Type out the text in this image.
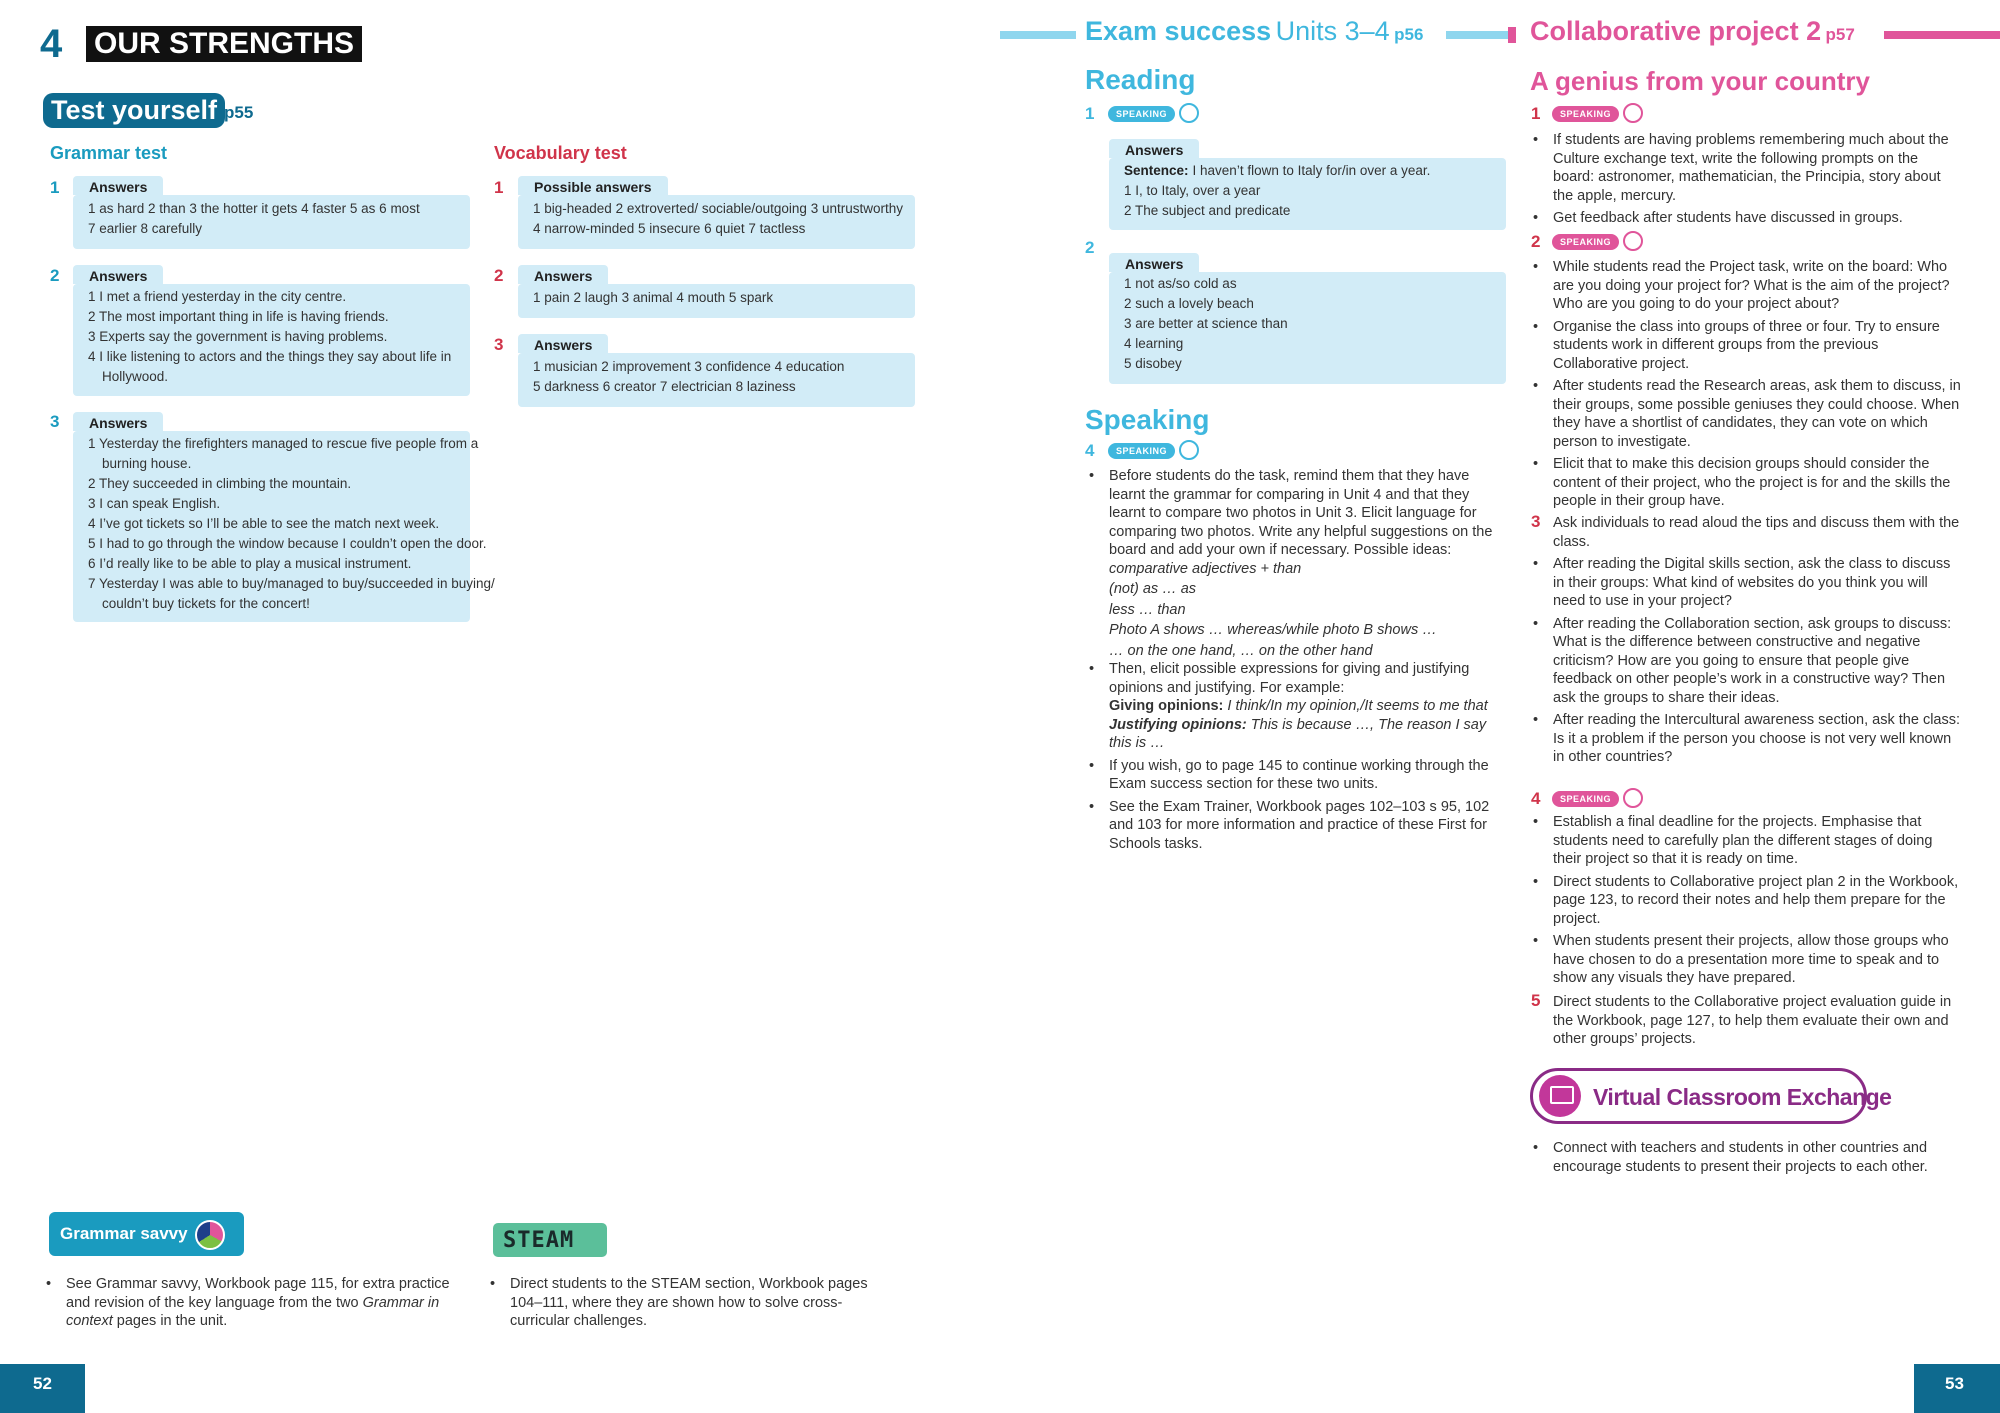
4 OUR STRENGTHS
Test yourself p55
Grammar test
1	Answers
1 as hard 2 than 3 the hotter it gets 4 faster 5 as 6 most
7 earlier 8 carefully
2	Answers
1 I met a friend yesterday in the city centre.
2 The most important thing in life is having friends.
3 Experts say the government is having problems.
4 I like listening to actors and the things they say about life in
Hollywood.
3	Answers
1 Yesterday the firefighters managed to rescue five people from a
burning house.
2 They succeeded in climbing the mountain.
3 I can speak English.
4 I’ve got tickets so I’ll be able to see the match next week.
5 I had to go through the window because I couldn’t open the door.
6 I’d really like to be able to play a musical instrument.
7 Yesterday I was able to buy/managed to buy/succeeded in buying/
couldn’t buy tickets for the concert!
Vocabulary test
1	Possible answers
1 big-headed 2 extroverted/ sociable/outgoing 3 untrustworthy
4 narrow-minded 5 insecure 6 quiet 7 tactless
2	Answers
1 pain 2 laugh 3 animal 4 mouth 5 spark
3	Answers
1 musician 2 improvement 3 confidence 4 education
5 darkness 6 creator 7 electrician 8 laziness
Grammar savvy
• See Grammar savvy, Workbook page 115, for extra practice and revision of the key language from the two Grammar in context pages in the unit.
STEAM
• Direct students to the STEAM section, Workbook pages 104–111, where they are shown how to solve cross-curricular challenges.
52
Exam success Units 3–4 p56
Reading
1	SPEAKING
Answers
Sentence: I haven’t flown to Italy for/in over a year.
1 I, to Italy, over a year
2 The subject and predicate
2
Answers
1 not as/so cold as
2 such a lovely beach
3 are better at science than
4 learning
5 disobey
Speaking
4	SPEAKING
• Before students do the task, remind them that they have learnt the grammar for comparing in Unit 4 and that they learnt to compare two photos in Unit 3. Elicit language for comparing two photos. Write any helpful suggestions on the board and add your own if necessary. Possible ideas:
comparative adjectives + than
(not) as … as
less … than
Photo A shows … whereas/while photo B shows …
… on the one hand, … on the other hand
• Then, elicit possible expressions for giving and justifying opinions and justifying. For example:
Giving opinions: I think/In my opinion,/It seems to me that
Justifying opinions: This is because …, The reason I say this is …
• If you wish, go to page 145 to continue working through the Exam success section for these two units.
• See the Exam Trainer, Workbook pages 102–103 s 95, 102 and 103 for more information and practice of these First for Schools tasks.
Collaborative project 2 p57
A genius from your country
1	SPEAKING
• If students are having problems remembering much about the Culture exchange text, write the following prompts on the board: astronomer, mathematician, the Principia, story about the apple, mercury.
• Get feedback after students have discussed in groups.
2	SPEAKING
• While students read the Project task, write on the board: Who are you doing your project for? What is the aim of the project? Who are you going to do your project about?
• Organise the class into groups of three or four. Try to ensure students work in different groups from the previous Collaborative project.
• After students read the Research areas, ask them to discuss, in their groups, some possible geniuses they could choose. When they have a shortlist of candidates, they can vote on which person to investigate.
• Elicit that to make this decision groups should consider the content of their project, who the project is for and the skills the people in their group have.
3 Ask individuals to read aloud the tips and discuss them with the class.
• After reading the Digital skills section, ask the class to discuss in their groups: What kind of websites do you think you will need to use in your project?
• After reading the Collaboration section, ask groups to discuss: What is the difference between constructive and negative criticism? How are you going to ensure that people give feedback on other people’s work in a constructive way? Then ask the groups to share their ideas.
• After reading the Intercultural awareness section, ask the class: Is it a problem if the person you choose is not very well known in other countries?
4	SPEAKING
• Establish a final deadline for the projects. Emphasise that students need to carefully plan the different stages of doing their project so that it is ready on time.
• Direct students to Collaborative project plan 2 in the Workbook, page 123, to record their notes and help them prepare for the project.
• When students present their projects, allow those groups who have chosen to do a presentation more time to speak and to show any visuals they have prepared.
5 Direct students to the Collaborative project evaluation guide in the Workbook, page 127, to help them evaluate their own and other groups’ projects.
Virtual Classroom Exchange
• Connect with teachers and students in other countries and encourage students to present their projects to each other.
53
